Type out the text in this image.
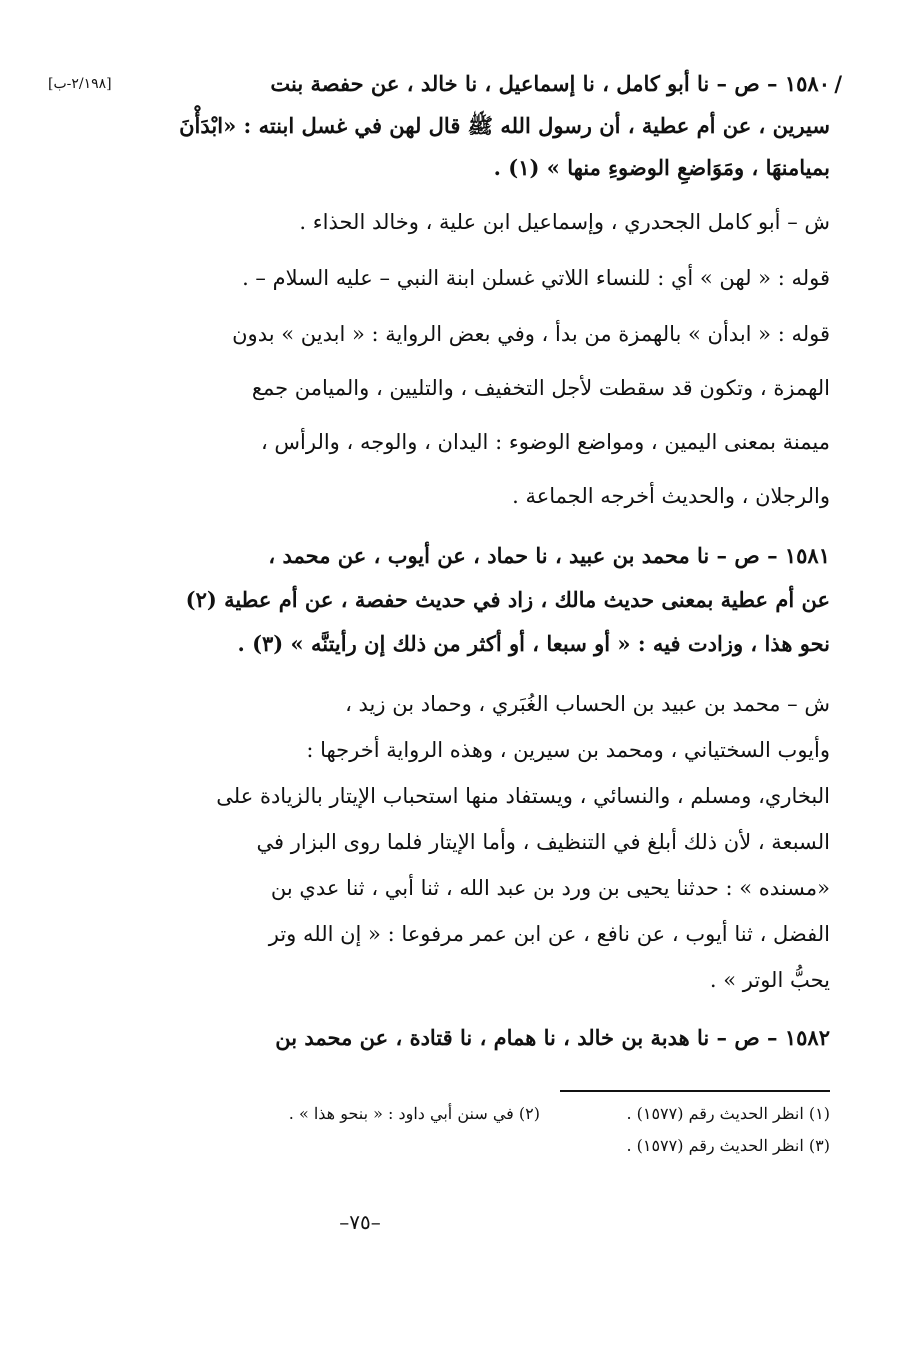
/
١٥٨٠ – ص – نا أبو كامل ، نا إسماعيل ، نا خالد ، عن حفصة بنت
[٢/١٩٨-ب]
سيرين ، عن أم عطية ، أن رسول الله ﷺ قال لهن في غسل ابنته : «ابْدَأْنَ
بميامنهَا ، ومَوَاضعِ الوضوءِ منها » (١) .
ش – أبو كامل الجحدري ، وإسماعيل ابن علية ، وخالد الحذاء .
قوله : « لهن » أي : للنساء اللاتي غسلن ابنة النبي – عليه السلام – .
قوله : « ابدأن » بالهمزة من بدأ ، وفي بعض الرواية : « ابدين » بدون
الهمزة ، وتكون قد سقطت لأجل التخفيف ، والتليين ، والميامن جمع
ميمنة بمعنى اليمين ، ومواضع الوضوء : اليدان ، والوجه ، والرأس ،
والرجلان ، والحديث أخرجه الجماعة .
١٥٨١ – ص – نا محمد بن عبيد ، نا حماد ، عن أيوب ، عن محمد ،
عن أم عطية بمعنى حديث مالك ، زاد في حديث حفصة ، عن أم عطية (٢)
نحو هذا ، وزادت فيه : « أو سبعا ، أو أكثر من ذلك إن رأيتنَّه » (٣) .
ش – محمد بن عبيد بن الحساب الغُبَري ، وحماد بن زيد ،
وأيوب السختياني ، ومحمد بن سيرين ، وهذه الرواية أخرجها :
البخاري، ومسلم ، والنسائي ، ويستفاد منها استحباب الإيتار بالزيادة على
السبعة ، لأن ذلك أبلغ في التنظيف ، وأما الإيتار فلما روى البزار في
«مسنده » : حدثنا يحيى بن ورد بن عبد الله ، ثنا أبي ، ثنا عدي بن
الفضل ، ثنا أيوب ، عن نافع ، عن ابن عمر مرفوعا : « إن الله وتر
يحبُّ الوتر » .
١٥٨٢ – ص – نا هدبة بن خالد ، نا همام ، نا قتادة ، عن محمد بن
(١) انظر الحديث رقم (١٥٧٧) .
(٢) في سنن أبي داود : « بنحو هذا » .
(٣) انظر الحديث رقم (١٥٧٧) .
–٧٥–
